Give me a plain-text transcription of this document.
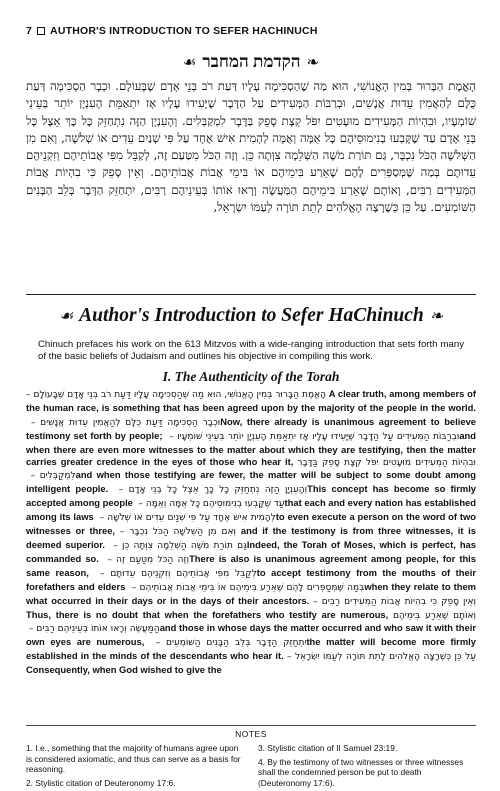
7 AUTHOR'S INTRODUCTION TO SEFER HACHINUCH
❧
הקדמת המחבר
☙
הָאֱמֶת הַבָּרוּר בְּמִין הָאֱנוֹשִׁי, הוּא מַה שֶׁהַסְכִּימָה עָלָיו דַּעַת רֹב בְּנֵי אָדָם שֶׁבָּעוֹלָם. וּכְבָר הַסְכִּימָה דַּעַת כֻּלָּם לְהַאֲמִין עֵדוּת אֲנָשִׁים, וּבְרַבּוֹת הַמְּעִידִים עַל הַדָּבָר שֶׁיָּעִידוּ עָלָיו אָז יִתְאַמֵּת הָעִנְיָן יוֹתֵר בְּעֵינֵי שׁוֹמְעָיו, וּבִהְיוֹת הַמְּעִידִים מוּעָטִים יִפֹּל קְצָת סָפֵק בַּדָּבָר לִמְקַבְּלִים. וְהָעִנְיָן הַזֶּה נִתְחַזֵּק כָּל כָּךְ אֵצֶל כָּל בְּנֵי אָדָם עַד שֶׁקָּבְעוּ בְנִימוּסֵיהֶם כָּל אֻמָּה וְאֻמָּה לְהָמִית אִישׁ אֶחָד עַל פִּי שְׁנַיִם עֵדִים אוֹ שְׁלֹשָׁה, וְאִם מִן הַשְּׁלֹשָׁה הַכֹּל נִכְבָּר, גַּם תּוֹרַת מֹשֶׁה הַשְּׁלֵמָה צִוְּתָה כֵּן. וְזֶה הַכֹּל מִטַּעַם זֶה, לְקַבֵּל מִפִּי אֲבוֹתֵיהֶם וְזִקְנֵיהֶם עֵדוּתָם בְּמַה שֶּׁמְּסַפְּרִים לָהֶם שֶׁאֵרַע בִּימֵיהֶם אוֹ בִּימֵי אֲבוֹת אֲבוֹתֵיהֶם. וְאֵין סָפֵק כִּי בִהְיוֹת אֲבוֹת הַמְּעִידִים רַבִּים, וְאוֹתָם שֶׁאֵרַע בִּימֵיהֶם הַמַּעֲשֶׂה וְרָאוּ אוֹתוֹ בְּעֵינֵיהֶם רַבִּים, יִתְחַזֵּק הַדָּבָר בְּלֵב הַבָּנִים הַשּׁוֹמְעִים. עַל כֵּן כְּשֶׁרָצָה הָאֱלֹהִים לָתֵת תּוֹרָה לְעַמּוֹ יִשְׂרָאֵל,
☙ Author's Introduction to Sefer HaChinuch ❧
Chinuch prefaces his work on the 613 Mitzvos with a wide-ranging introduction that sets forth many of the basic beliefs of Judaism and outlines his objective in compiling this work.
I. The Authenticity of the Torah

הָאֱמֶת הַבָּרוּר בְּמִין הָאֱנוֹשִׁי, הוּא מַה שֶׁהַסְכִּימָה עָלָיו דַּעַת רֹב בְּנֵי אָדָם שֶׁבָּעוֹלָם – A clear truth, among members of the human race, is something that has been agreed upon by the majority of the people in the world. וּכְבָר הַסְכִּימָה דַּעַת כֻּלָּם לְהַאֲמִין עֵדוּת אֲנָשִׁים – Now, there already is unanimous agreement to believe testimony set forth by people; וּבְרַבּוֹת הַמְּעִידִים עַל הַדָּבָר שֶׁיָּעִידוּ עָלָיו אָז יִתְאַמֵּת הָעִנְיָן יוֹתֵר בְּעֵינֵי שׁוֹמְעָיו – and when there are even more witnesses to the matter about which they are testifying, then the matter carries greater credence in the eyes of those who hear it, וּבִהְיוֹת הַמְּעִידִים מוּעָטִים יִפֹּל קְצָת סָפֵק בַּדָּבָר לִמְקַבְּלִים – and when those testifying are fewer, the matter will be subject to some doubt among intelligent people. וְהָעִנְיָן הַזֶּה נִתְחַזֵּק כָּל כָּךְ אֵצֶל כָּל בְּנֵי אָדָם – This concept has become so firmly accepted among people עַד שֶׁקָּבְעוּ בְנִימוּסֵיהֶם כָּל אֻמָּה וְאֻמָּה – that each and every nation has established among its laws לְהָמִית אִישׁ אֶחָד עַל פִּי שְׁנַיִם עֵדִים אוֹ שְׁלֹשָׁה – to even execute a person on the word of two witnesses or three, וְאִם מִן הַשְּׁלֹשָׁה הַכֹּל נִכְבָּר – and if the testimony is from three witnesses, it is deemed superior. גַּם תּוֹרַת מֹשֶׁה הַשְּׁלֵמָה צִוְּתָה כֵּן – Indeed, the Torah of Moses, which is perfect, has commanded so. וְזֶה הַכֹּל מִטַּעַם זֶה – There is also is unanimous agreement among people, for this same reason, לְקַבֵּל מִפִּי אֲבוֹתֵיהֶם וְזִקְנֵיהֶם עֵדוּתָם – to accept testimony from the mouths of their forefathers and elders בְּמַה שֶּׁמְּסַפְּרִים לָהֶם שֶׁאֵרַע בִּימֵיהֶם אוֹ בִּימֵי אֲבוֹת אֲבוֹתֵיהֶם – when they relate to them what occurred in their days or in the days of their ancestors. וְאֵין סָפֵק כִּי בִהְיוֹת אֲבוֹת הַמְּעִידִים רַבִּים – Thus, there is no doubt that when the forefathers who testify are numerous, וְאוֹתָם שֶׁאֵרַע בִּימֵיהֶם הַמַּעֲשֶׂה וְרָאוּ אוֹתוֹ בְּעֵינֵיהֶם רַבִּים – and those in whose days the matter occurred and who saw it with their own eyes are numerous, יִתְחַזֵּק הַדָּבָר בְּלֵב הַבָּנִים הַשּׁוֹמְעִים – the matter will become more firmly established in the minds of the descendants who hear it. עַל כֵּן כְּשֶׁרָצָה הָאֱלֹהִים לָתֵת תּוֹרָה לְעַמּוֹ יִשְׂרָאֵל – Consequently, when God wished to give the

NOTES
1. I.e., something that the majority of humans agree upon is considered axiomatic, and thus can serve as a basis for reasoning.
2. Stylistic citation of Deuteronomy 17:6.
3. Stylistic citation of II Samuel 23:19.
4. By the testimony of two witnesses or three witnesses shall the condemned person be put to death (Deuteronomy 17:6).
